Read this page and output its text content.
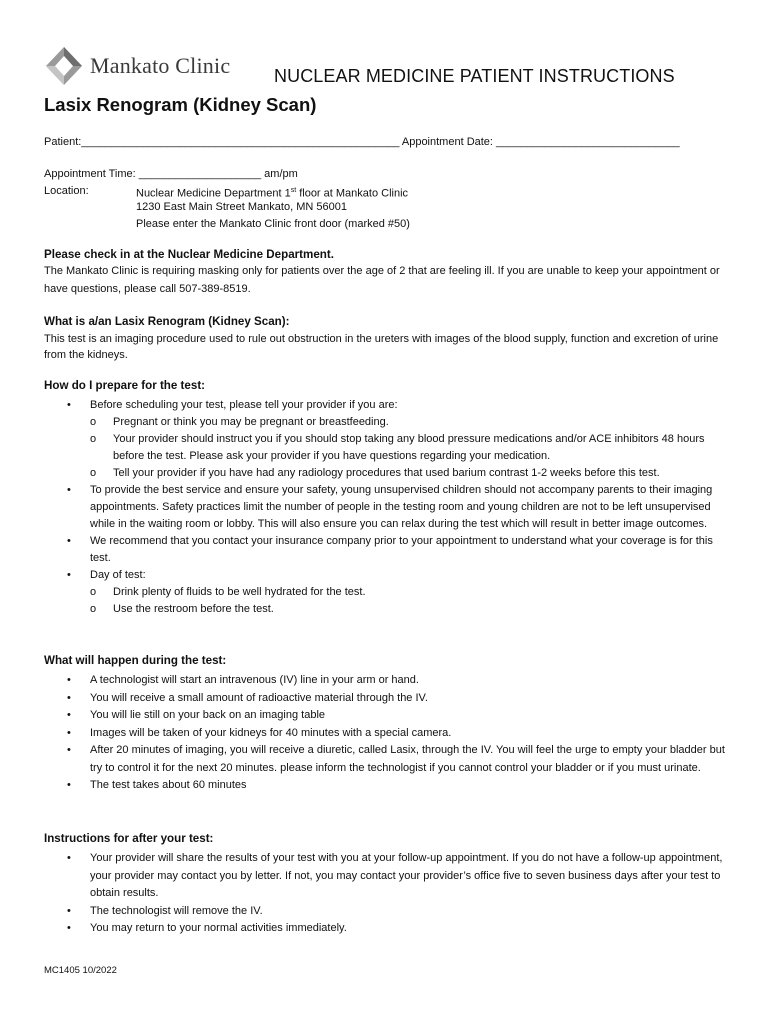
Mankato Clinic NUCLEAR MEDICINE PATIENT INSTRUCTIONS
Lasix Renogram (Kidney Scan)
Patient:____________________________________________________ Appointment Date: ______________________________
Appointment Time: ____________________ am/pm
Location:	Nuclear Medicine Department 1st floor at Mankato Clinic
1230 East Main Street Mankato, MN 56001
Please enter the Mankato Clinic front door (marked #50)
Please check in at the Nuclear Medicine Department.
The Mankato Clinic is requiring masking only for patients over the age of 2 that are feeling ill. If you are unable to keep your appointment or have questions, please call 507-389-8519.
What is a/an Lasix Renogram (Kidney Scan):
This test is an imaging procedure used to rule out obstruction in the ureters with images of the blood supply, function and excretion of urine from the kidneys.
How do I prepare for the test:
• Before scheduling your test, please tell your provider if you are:
o Pregnant or think you may be pregnant or breastfeeding.
o Your provider should instruct you if you should stop taking any blood pressure medications and/or ACE inhibitors 48 hours before the test. Please ask your provider if you have questions regarding your medication.
o Tell your provider if you have had any radiology procedures that used barium contrast 1-2 weeks before this test.
• To provide the best service and ensure your safety, young unsupervised children should not accompany parents to their imaging appointments. Safety practices limit the number of people in the testing room and young children are not to be left unsupervised while in the waiting room or lobby. This will also ensure you can relax during the test which will result in better image outcomes.
• We recommend that you contact your insurance company prior to your appointment to understand what your coverage is for this test.
• Day of test:
o Drink plenty of fluids to be well hydrated for the test.
o Use the restroom before the test.
What will happen during the test:
• A technologist will start an intravenous (IV) line in your arm or hand.
• You will receive a small amount of radioactive material through the IV.
• You will lie still on your back on an imaging table
• Images will be taken of your kidneys for 40 minutes with a special camera.
• After 20 minutes of imaging, you will receive a diuretic, called Lasix, through the IV. You will feel the urge to empty your bladder but try to control it for the next 20 minutes. please inform the technologist if you cannot control your bladder or if you must urinate.
• The test takes about 60 minutes
Instructions for after your test:
• Your provider will share the results of your test with you at your follow-up appointment. If you do not have a follow-up appointment, your provider may contact you by letter. If not, you may contact your provider’s office five to seven business days after your test to obtain results.
• The technologist will remove the IV.
• You may return to your normal activities immediately.
MC1405 10/2022
